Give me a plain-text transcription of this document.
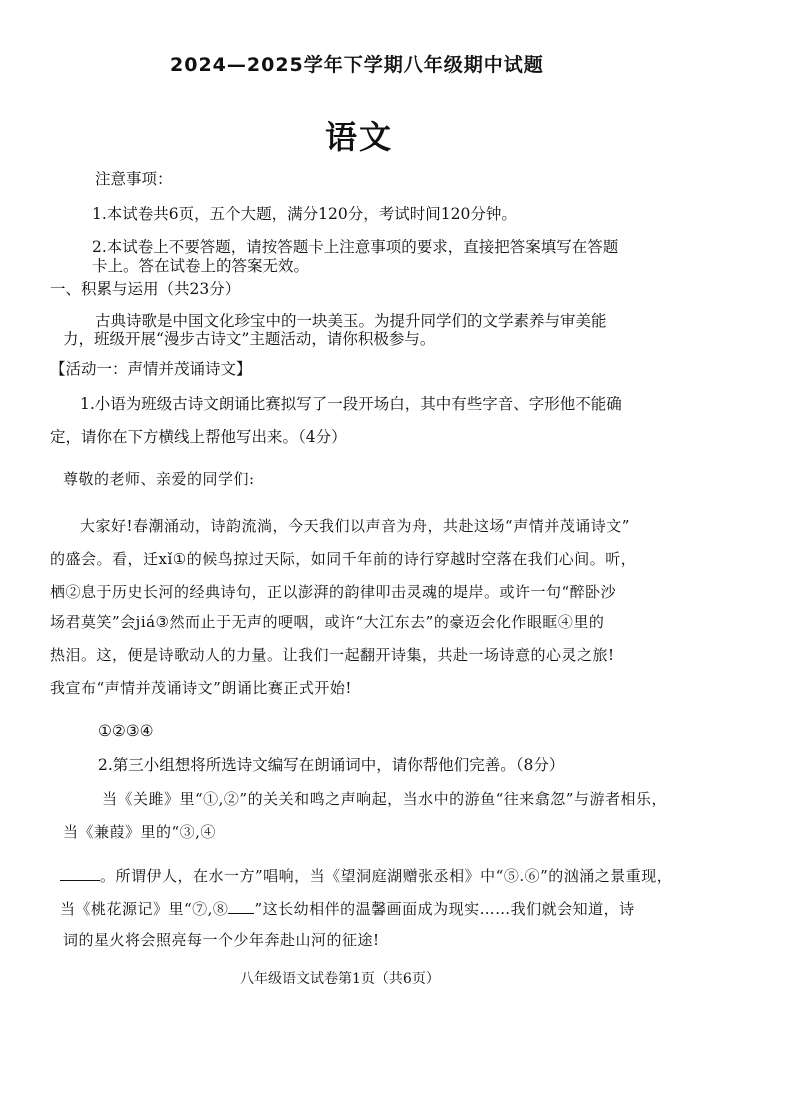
2024—2025学年下学期八年级期中试题
语文
注意事项：
1.本试卷共6页，五个大题，满分120分，考试时间120分钟。
2.本试卷上不要答题，请按答题卡上注意事项的要求，直接把答案填写在答题
卡上。答在试卷上的答案无效。
一、积累与运用（共23分）
古典诗歌是中国文化珍宝中的一块美玉。为提升同学们的文学素养与审美能
力，班级开展“漫步古诗文”主题活动，请你积极参与。
【活动一：声情并茂诵诗文】
1.小语为班级古诗文朗诵比赛拟写了一段开场白，其中有些字音、字形他不能确
定，请你在下方横线上帮他写出来。（4分）
尊敬的老师、亲爱的同学们:
大家好!春潮涌动，诗韵流淌，今天我们以声音为舟，共赴这场“声情并茂诵诗文”
的盛会。看，迁xǐ①的候鸟掠过天际，如同千年前的诗行穿越时空落在我们心间。听，
栖②息于历史长河的经典诗句，正以澎湃的韵律叩击灵魂的堤岸。或许一句“醉卧沙
场君莫笑”会jiá③然而止于无声的哽咽，或许“大江东去”的豪迈会化作眼眶④里的
热泪。这，便是诗歌动人的力量。让我们一起翻开诗集，共赴一场诗意的心灵之旅!
我宣布“声情并茂诵诗文”朗诵比赛正式开始!
①②③④
2.第三小组想将所选诗文编写在朗诵词中，请你帮他们完善。（8分）
当《关雎》里“①,②”的关关和鸣之声响起，当水中的游鱼“往来翕忽”与游者相乐，
当《兼葭》里的“③,④
。所谓伊人，在水一方”唱响，当《望洞庭湖赠张丞相》中“⑤.⑥”的汹涌之景重现，
当《桃花源记》里“⑦,⑧ ”这长幼相伴的温馨画面成为现实……我们就会知道，诗
词的星火将会照亮每一个少年奔赴山河的征途!
八年级语文试卷第1页（共6页）
